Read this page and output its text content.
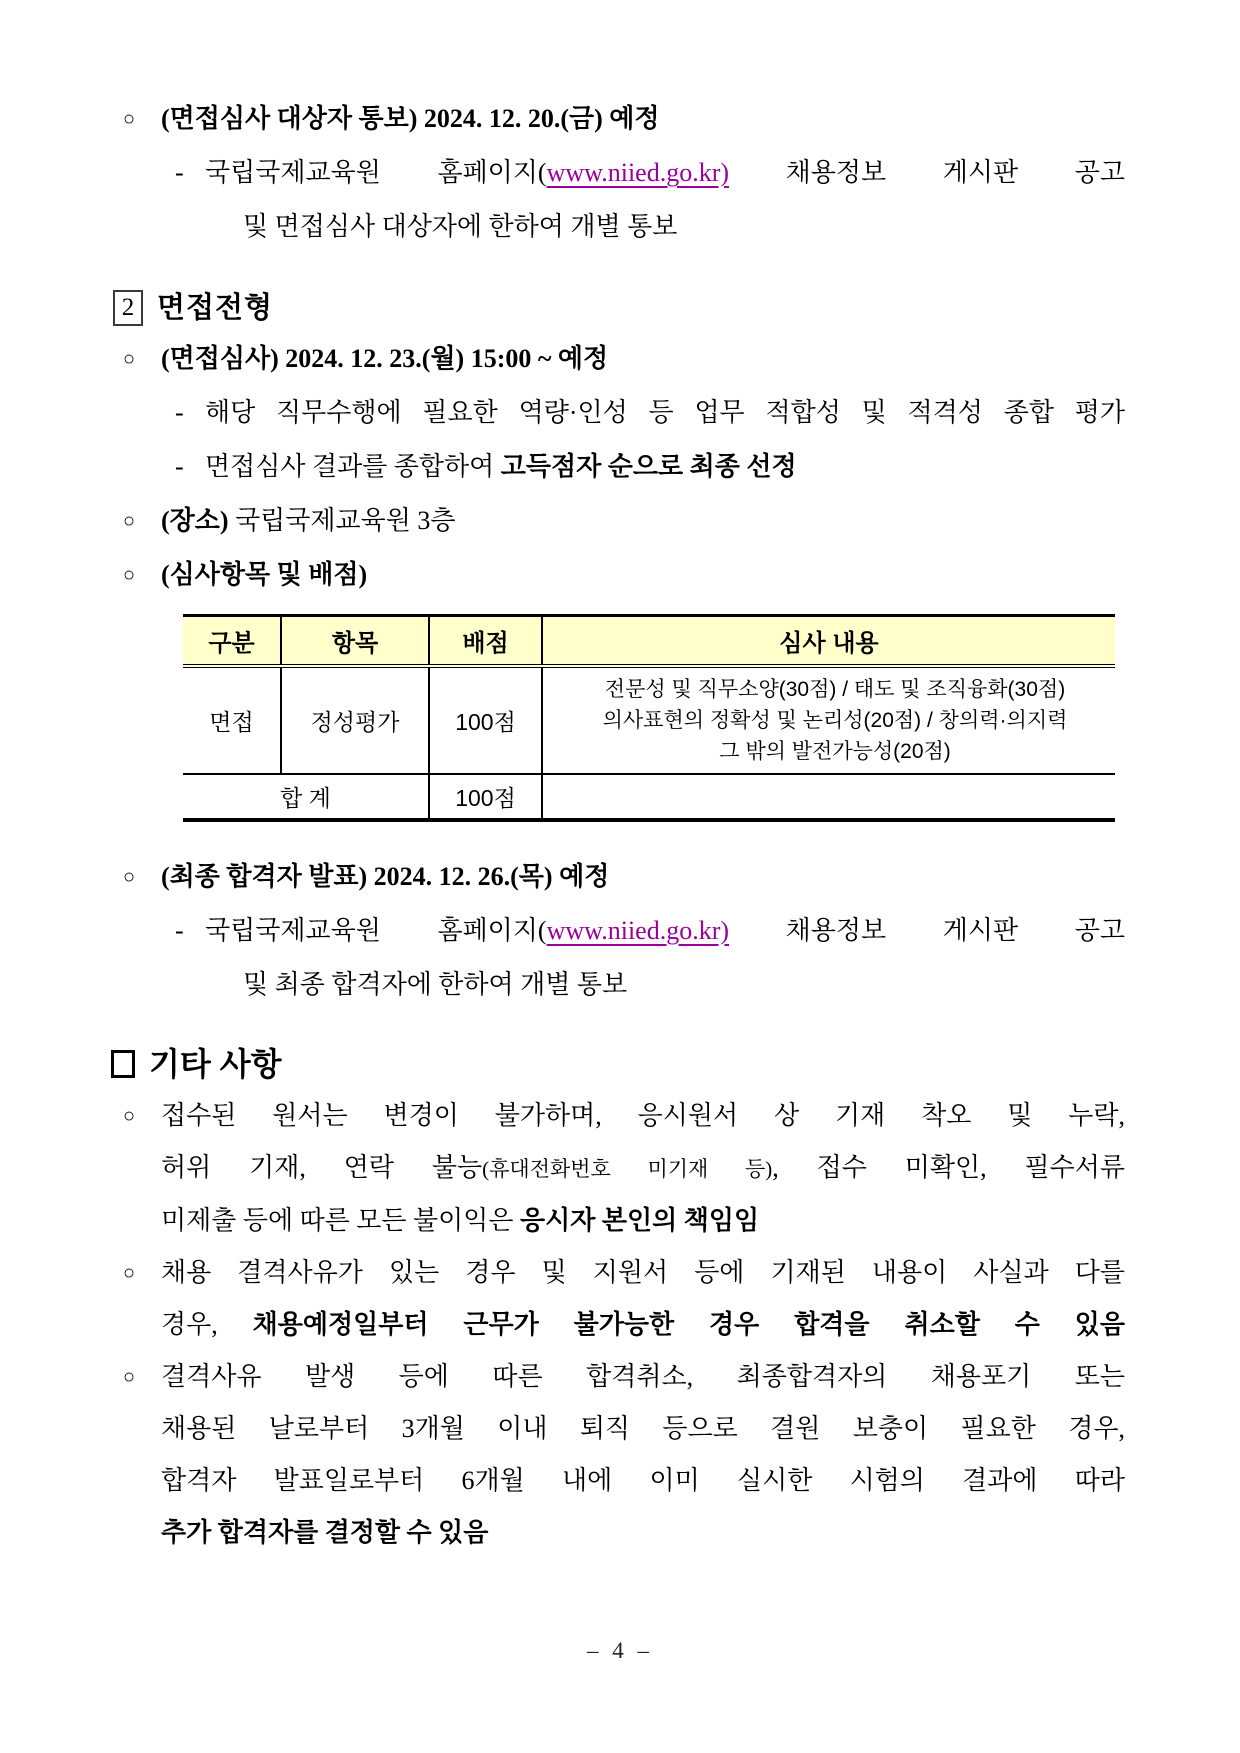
○ (면접심사 대상자 통보) 2024. 12. 20.(금) 예정
- 국립국제교육원 홈페이지(www.niied.go.kr) 채용정보 게시판 공고
및 면접심사 대상자에 한하여 개별 통보
2 면접전형
○ (면접심사) 2024. 12. 23.(월) 15:00 ~ 예정
- 해당 직무수행에 필요한 역량·인성 등 업무 적합성 및 적격성 종합 평가
- 면접심사 결과를 종합하여 고득점자 순으로 최종 선정
○ (장소) 국립국제교육원 3층
○ (심사항목 및 배점)
구분	항목	배점	심사 내용
면접	정성평가	100점	전문성 및 직무소양(30점) / 태도 및 조직융화(30점)
의사표현의 정확성 및 논리성(20점) / 창의력·의지력
그 밖의 발전가능성(20점)

합 계		100점	
○ (최종 합격자 발표) 2024. 12. 26.(목) 예정
- 국립국제교육원 홈페이지(www.niied.go.kr) 채용정보 게시판 공고
및 최종 합격자에 한하여 개별 통보
기타 사항
○ 접수된 원서는 변경이 불가하며, 응시원서 상 기재 착오 및 누락,
허위 기재, 연락 불능(휴대전화번호 미기재 등), 접수 미확인, 필수서류
미제출 등에 따른 모든 불이익은 응시자 본인의 책임임
○ 채용 결격사유가 있는 경우 및 지원서 등에 기재된 내용이 사실과 다를
경우, 채용예정일부터 근무가 불가능한 경우 합격을 취소할 수 있음
○ 결격사유 발생 등에 따른 합격취소, 최종합격자의 채용포기 또는
채용된 날로부터 3개월 이내 퇴직 등으로 결원 보충이 필요한 경우,
합격자 발표일로부터 6개월 내에 이미 실시한 시험의 결과에 따라
추가 합격자를 결정할 수 있음
– 4 –
